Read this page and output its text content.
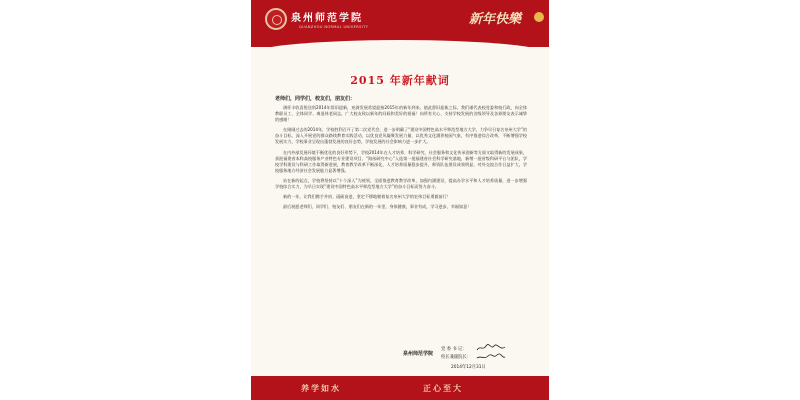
泉州师范学院
QUANZHOU NORMAL UNIVERSITY	新年快樂
2015 年新年献词
老师们，同学们，校友们，朋友们：

满怀丰收喜悦送别2014年辞旧迎新，充满发展希望迎接2015年的新年到来。值此辞旧迎新之际，我们谨代表校党委和校行政，向全体教职员工、全体同学、离退休老同志，广大校友致以新年的问候和美好的祝福！向所有关心、支持学校发展的各级领导及各界朋友表示诚挚的感谢！

在刚刚过去的2014年，学校胜利召开了第二次党代会，进一步明确了“建设中国特色高水平师范型地方大学，力争早日复名泉州大学”的奋斗目标，深入开展党的群众路线教育实践活动，以优良党风凝聚发展力量，以优秀文化涵养校园气象，有序推进综合改革，不断增强学校发展实力，学校事业呈现出蓬勃发展的良好态势，学校发展的社会影响力进一步扩大。

在内外部发展环境不断优化的良好形势下，学校2014年在人才培养、科学研究、社会服务和文化传承创新等方面又取得新的发展成果，获批福建省本科高校服务产业特色专业建设项目、“海丝研究中心”入选第一批福建省社会科学研究基地，新增一批省级科研平台与团队，学校学科建设与科研工作取得新进展，教育教学改革不断深化，人才培养质量稳步提升，师资队伍建设成效明显，对外交流合作日益扩大，学校服务地方经济社会发展能力显著增强。

站在新的起点，学校将坚持以“十个深入”为统领，全面推进教育教学改革，加强内涵建设，提高办学水平和人才培养质量，进一步增强学校综合实力，为早日实现“建设中国特色高水平师范型地方大学”的奋斗目标而努力奋斗。

新的一年，让我们携手并肩、砥砺奋进，坚定不移地朝着复名泉州大学的宏伟目标勇毅前行！

最后祝愿老师们、同学们、校友们、朋友们在新的一年里，身体健康，事业有成，学习进步，幸福如意！

泉州师范学院
党 委 书 记：
校长兼副院长：
2014年12月31日
养学如水	正心至大
